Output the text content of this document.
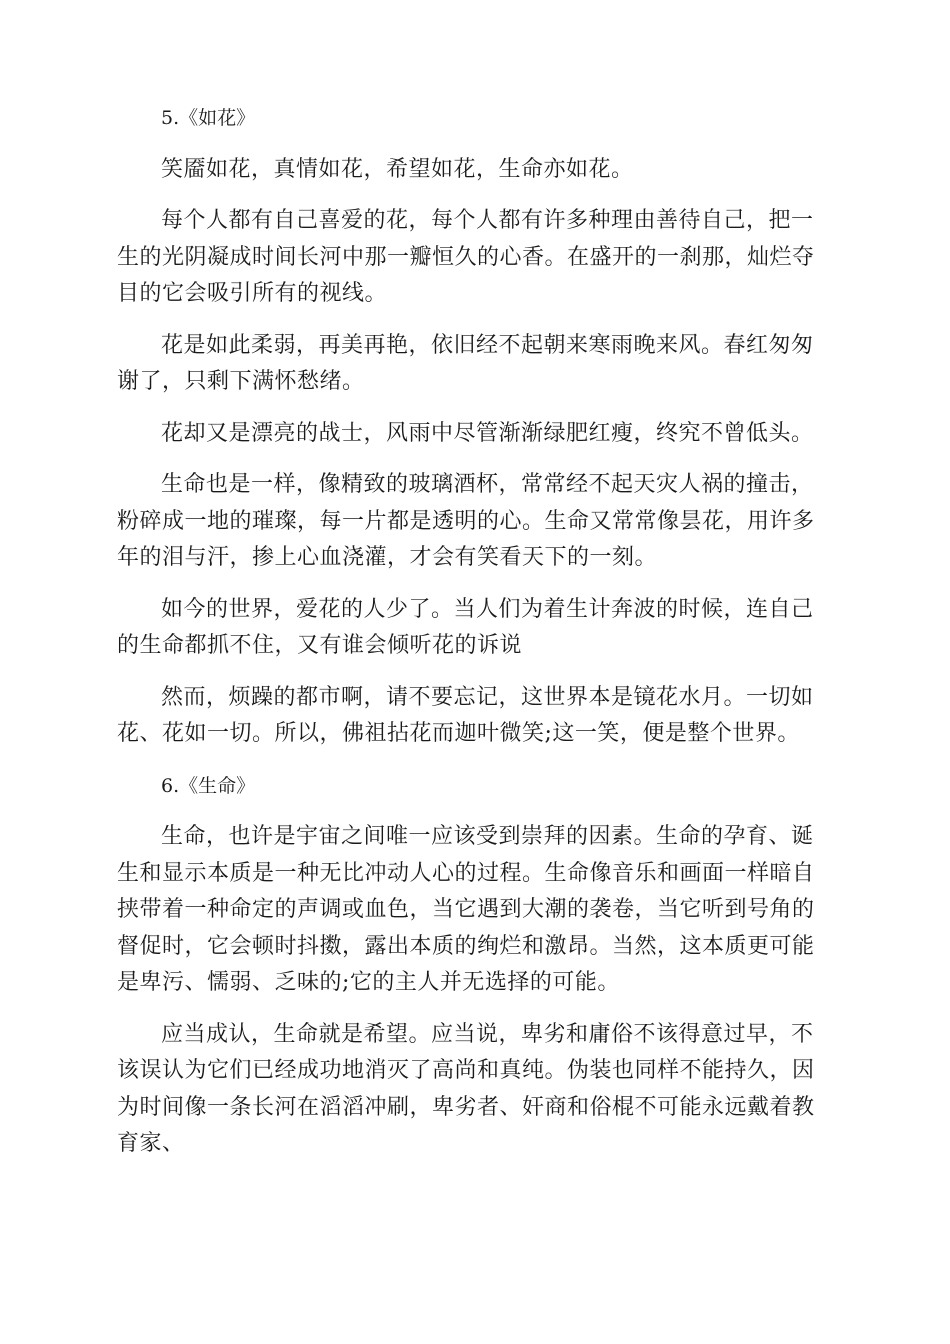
5.《如花》
笑靥如花，真情如花，希望如花，生命亦如花。
每个人都有自己喜爱的花，每个人都有许多种理由善待自己，把一生的光阴凝成时间长河中那一瓣恒久的心香。在盛开的一刹那，灿烂夺目的它会吸引所有的视线。
花是如此柔弱，再美再艳，依旧经不起朝来寒雨晚来风。春红匆匆谢了，只剩下满怀愁绪。
花却又是漂亮的战士，风雨中尽管渐渐绿肥红瘦，终究不曾低头。
生命也是一样，像精致的玻璃酒杯，常常经不起天灾人祸的撞击，粉碎成一地的璀璨，每一片都是透明的心。生命又常常像昙花，用许多年的泪与汗，掺上心血浇灌，才会有笑看天下的一刻。
如今的世界，爱花的人少了。当人们为着生计奔波的时候，连自己的生命都抓不住，又有谁会倾听花的诉说
然而，烦躁的都市啊，请不要忘记，这世界本是镜花水月。一切如花、花如一切。所以，佛祖拈花而迦叶微笑;这一笑，便是整个世界。
6.《生命》
生命，也许是宇宙之间唯一应该受到崇拜的因素。生命的孕育、诞生和显示本质是一种无比冲动人心的过程。生命像音乐和画面一样暗自挟带着一种命定的声调或血色，当它遇到大潮的袭卷，当它听到号角的督促时，它会顿时抖擞，露出本质的绚烂和激昂。当然，这本质更可能是卑污、懦弱、乏味的;它的主人并无选择的可能。
应当成认，生命就是希望。应当说，卑劣和庸俗不该得意过早，不该误认为它们已经成功地消灭了高尚和真纯。伪装也同样不能持久，因为时间像一条长河在滔滔冲刷，卑劣者、奸商和俗棍不可能永远戴着教育家、
